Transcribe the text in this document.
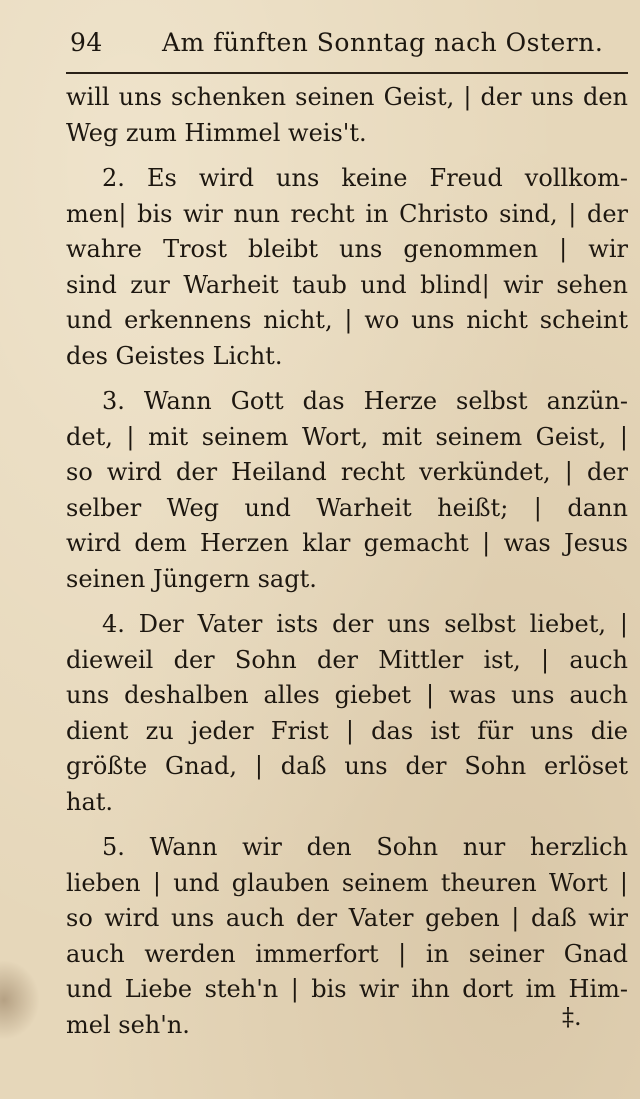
94 Am fünften Sonntag nach Ostern.
will uns schenken seinen Geist, | der uns den
Weg zum Himmel weis't.
2. Es wird uns keine Freud vollkom-
men| bis wir nun recht in Christo sind, | der
wahre Trost bleibt uns genommen | wir
sind zur Warheit taub und blind| wir sehen
und erkennens nicht, | wo uns nicht scheint
des Geistes Licht.
3. Wann Gott das Herze selbst anzün-
det, | mit seinem Wort, mit seinem Geist, |
so wird der Heiland recht verkündet, | der
selber Weg und Warheit heißt; | dann
wird dem Herzen klar gemacht | was Jesus
seinen Jüngern sagt.
4. Der Vater ists der uns selbst liebet, |
dieweil der Sohn der Mittler ist, | auch
uns deshalben alles giebet | was uns auch
dient zu jeder Frist | das ist für uns die
größte Gnad, | daß uns der Sohn erlöset
hat.
5. Wann wir den Sohn nur herzlich
lieben | und glauben seinem theuren Wort |
so wird uns auch der Vater geben | daß wir
auch werden immerfort | in seiner Gnad
und Liebe steh'n | bis wir ihn dort im Him-
mel seh'n.	‡.
